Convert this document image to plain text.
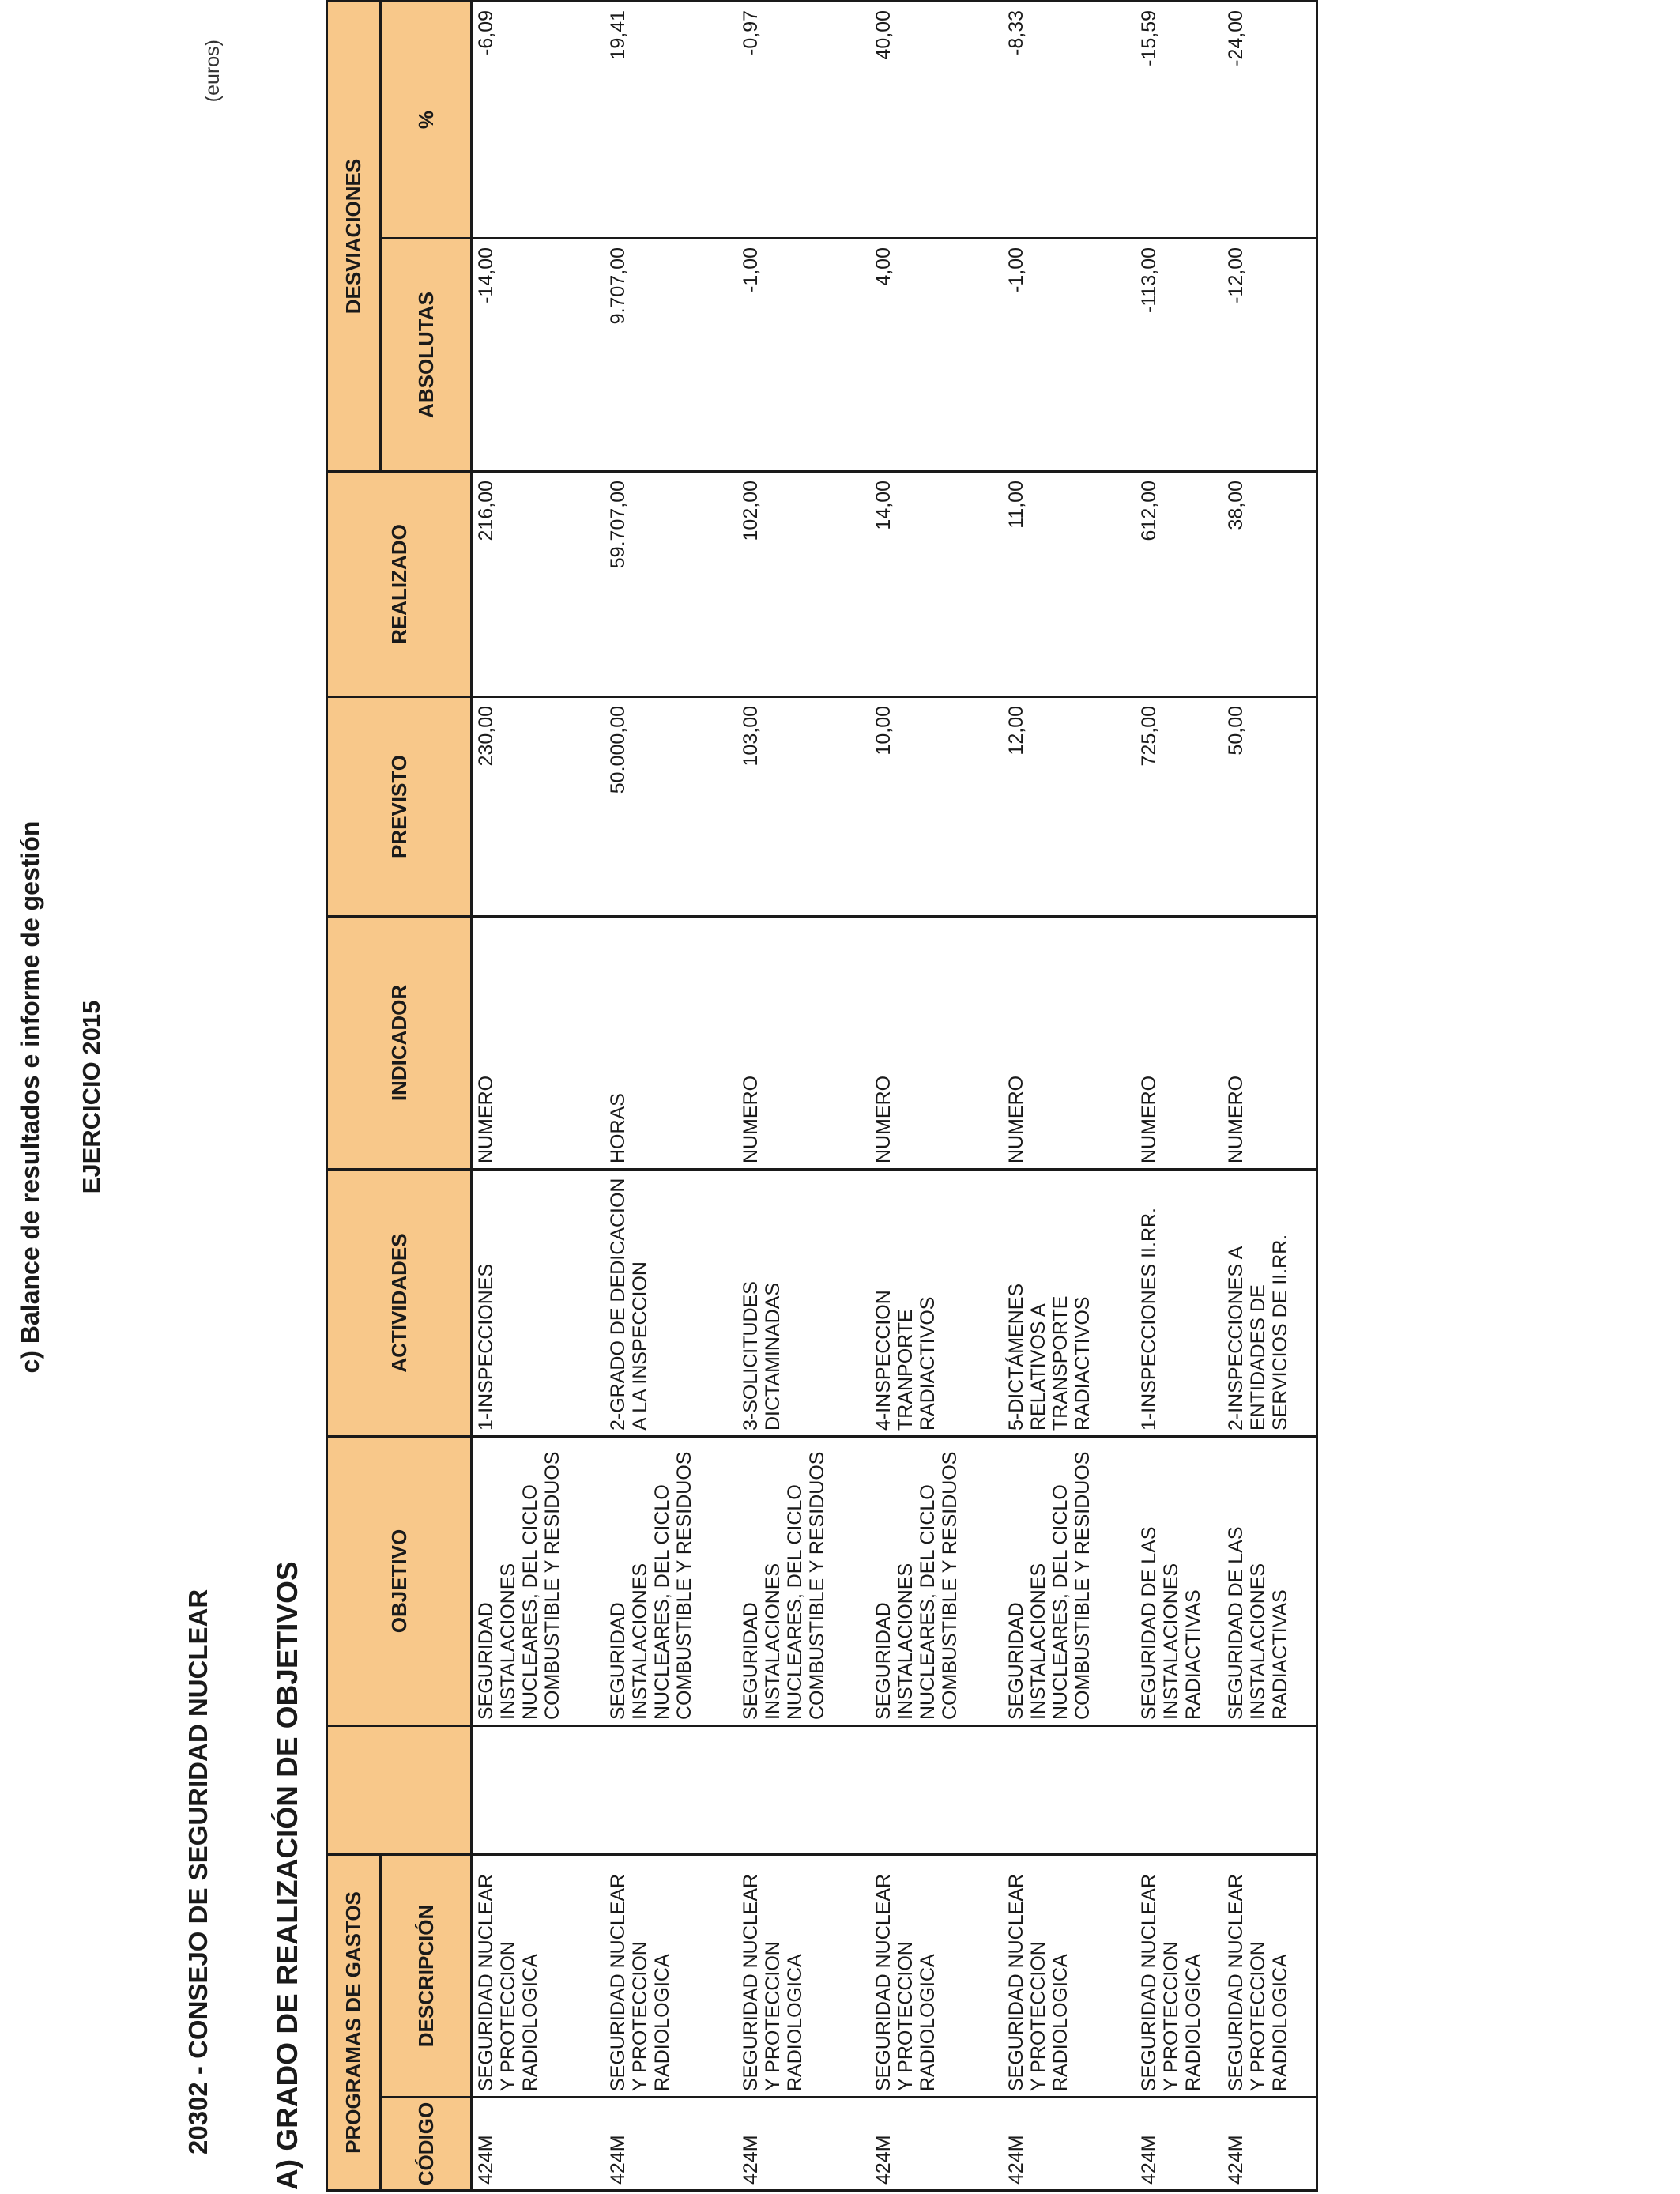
c) Balance de resultados e informe de gestión EJERCICIO 2015
(euros)
20302 - CONSEJO DE SEGURIDAD NUCLEAR A) GRADO DE REALIZACIÓN DE OBJETIVOS PROGRAMAS DE GASTOS			OBJETIVO	ACTIVIDADES	INDICADOR	PREVISTO	REALIZADO	DESVIACIONES	
CÓDIGO	DESCRIPCIÓN							ABSOLUTAS	%
424M	SEGURIDAD NUCLEAR Y PROTECCION RADIOLOGICA		SEGURIDAD INSTALACIONES NUCLEARES, DEL CICLO COMBUSTIBLE Y RESIDUOS	1-INSPECCIONES	NUMERO	230,00	216,00	-14,00	-6,09
424M	SEGURIDAD NUCLEAR Y PROTECCION RADIOLOGICA		SEGURIDAD INSTALACIONES NUCLEARES, DEL CICLO COMBUSTIBLE Y RESIDUOS	2-GRADO DE DEDICACION A LA INSPECCION	HORAS	50.000,00	59.707,00	9.707,00	19,41
424M	SEGURIDAD NUCLEAR Y PROTECCION RADIOLOGICA		SEGURIDAD INSTALACIONES NUCLEARES, DEL CICLO COMBUSTIBLE Y RESIDUOS	3-SOLICITUDES DICTAMINADAS	NUMERO	103,00	102,00	-1,00	-0,97
424M	SEGURIDAD NUCLEAR Y PROTECCION RADIOLOGICA		SEGURIDAD INSTALACIONES NUCLEARES, DEL CICLO COMBUSTIBLE Y RESIDUOS	4-INSPECCION TRANPORTE RADIACTIVOS	NUMERO	10,00	14,00	4,00	40,00
424M	SEGURIDAD NUCLEAR Y PROTECCION RADIOLOGICA		SEGURIDAD INSTALACIONES NUCLEARES, DEL CICLO COMBUSTIBLE Y RESIDUOS	5-DICTÁMENES RELATIVOS A TRANSPORTE RADIACTIVOS	NUMERO	12,00	11,00	-1,00	-8,33
424M	SEGURIDAD NUCLEAR Y PROTECCION RADIOLOGICA		SEGURIDAD DE LAS INSTALACIONES RADIACTIVAS	1-INSPECCIONES II.RR.	NUMERO	725,00	612,00	-113,00	-15,59
424M	SEGURIDAD NUCLEAR Y PROTECCION RADIOLOGICA		SEGURIDAD DE LAS INSTALACIONES RADIACTIVAS	2-INSPECCIONES A ENTIDADES DE SERVICIOS DE II.RR.	NUMERO	50,00	38,00	-12,00	-24,00
